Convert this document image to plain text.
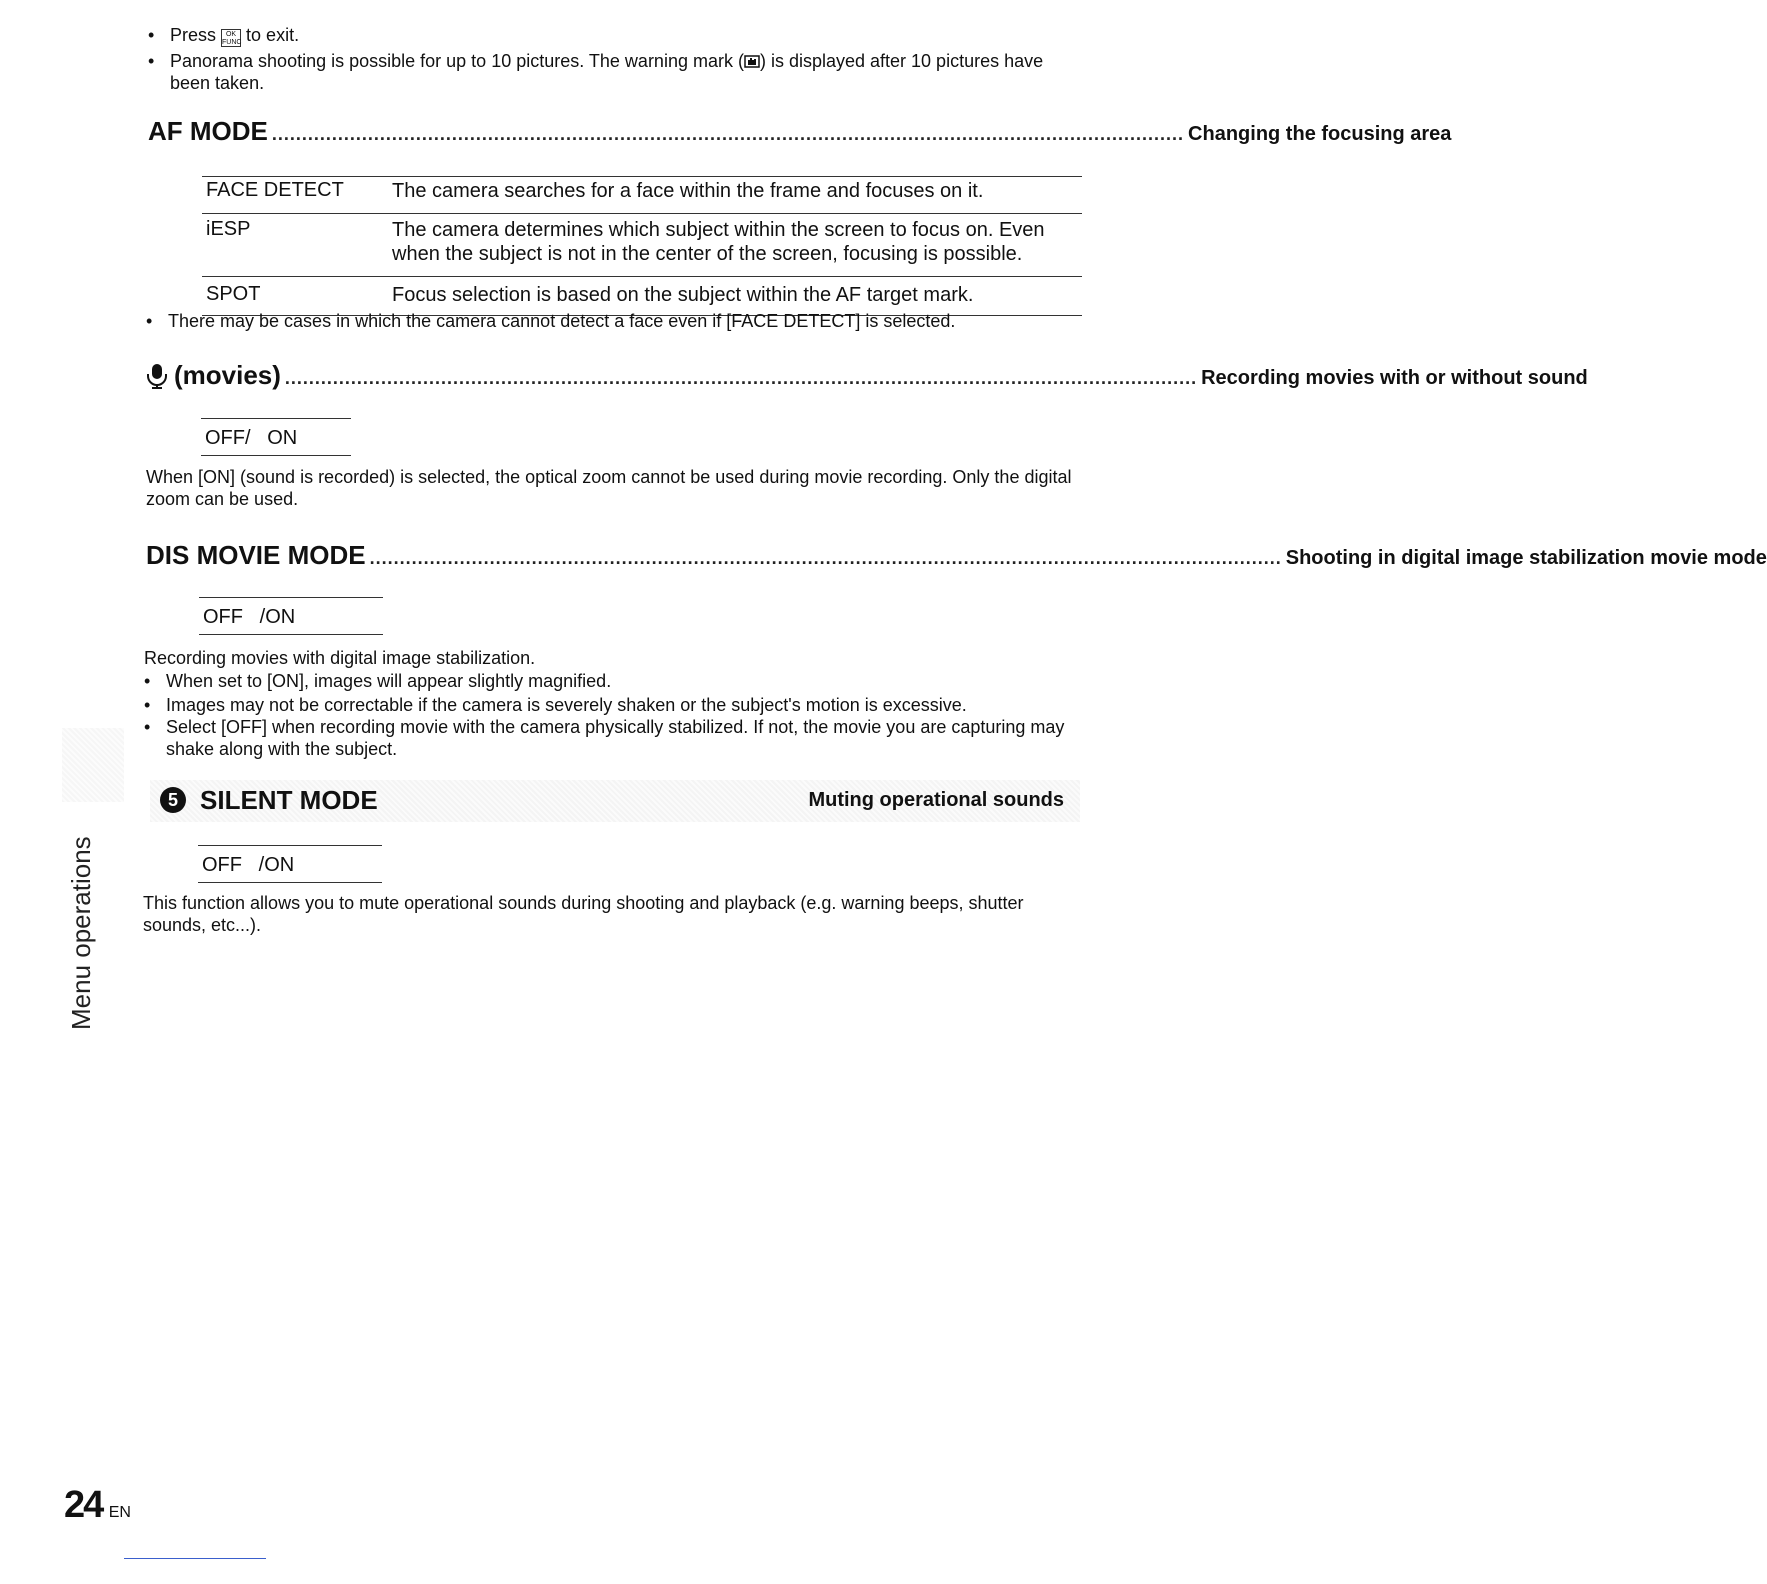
• Press OK
FUNC to exit.
• Panorama shooting is possible for up to 10 pictures. The warning mark ( ) is displayed after 10 pictures have been taken.
AF MODE ........................................................................................................................................................ Changing the focusing area
FACE DETECT The camera searches for a face within the frame and focuses on it.
iESP	The camera determines which subject within the screen to focus on. Even when the subject is not in the center of the screen, focusing is possible.
SPOT	Focus selection is based on the subject within the AF target mark.
• There may be cases in which the camera cannot detect a face even if [FACE DETECT] is selected.
(movies) ........................................................................................................................................................ Recording movies with or without sound
OFF/   ON
When [ON] (sound is recorded) is selected, the optical zoom cannot be used during movie recording. Only the digital zoom can be used.
DIS MOVIE MODE ........................................................................................................................................................ Shooting in digital image stabilization movie mode
OFF   /ON
Recording movies with digital image stabilization.
• When set to [ON], images will appear slightly magnified.
• Images may not be correctable if the camera is severely shaken or the subject's motion is excessive.
• Select [OFF] when recording movie with the camera physically stabilized. If not, the movie you are capturing may shake along with the subject.
5 SILENT MODE	Muting operational sounds
OFF   /ON
This function allows you to mute operational sounds during shooting and playback (e.g. warning beeps, shutter sounds, etc...).
Menu operations
24 EN
